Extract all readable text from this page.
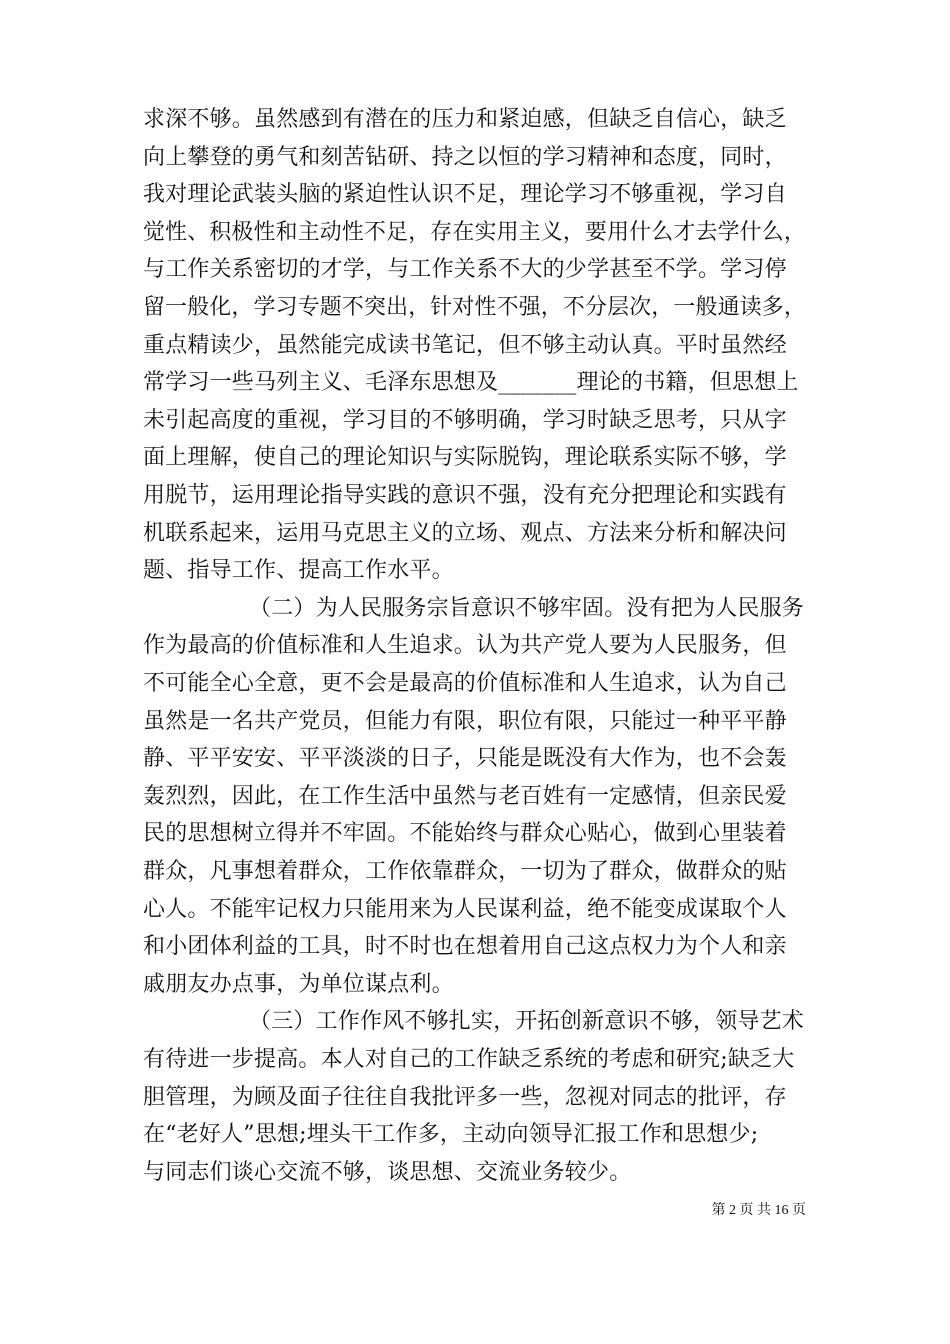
求深不够。虽然感到有潜在的压力和紧迫感，但缺乏自信心，缺乏
向上攀登的勇气和刻苦钻研、持之以恒的学习精神和态度，同时，
我对理论武装头脑的紧迫性认识不足，理论学习不够重视，学习自
觉性、积极性和主动性不足，存在实用主义，要用什么才去学什么，
与工作关系密切的才学，与工作关系不大的少学甚至不学。学习停
留一般化，学习专题不突出，针对性不强，不分层次，一般通读多，
重点精读少，虽然能完成读书笔记，但不够主动认真。平时虽然经
常学习一些马列主义、毛泽东思想及_______理论的书籍，但思想上
未引起高度的重视，学习目的不够明确，学习时缺乏思考，只从字
面上理解，使自己的理论知识与实际脱钩，理论联系实际不够，学
用脱节，运用理论指导实践的意识不强，没有充分把理论和实践有
机联系起来，运用马克思主义的立场、观点、方法来分析和解决问
题、指导工作、提高工作水平。
（二）为人民服务宗旨意识不够牢固。没有把为人民服务
作为最高的价值标准和人生追求。认为共产党人要为人民服务，但
不可能全心全意，更不会是最高的价值标准和人生追求，认为自己
虽然是一名共产党员，但能力有限，职位有限，只能过一种平平静
静、平平安安、平平淡淡的日子，只能是既没有大作为，也不会轰
轰烈烈，因此，在工作生活中虽然与老百姓有一定感情，但亲民爱
民的思想树立得并不牢固。不能始终与群众心贴心，做到心里装着
群众，凡事想着群众，工作依靠群众，一切为了群众，做群众的贴
心人。不能牢记权力只能用来为人民谋利益，绝不能变成谋取个人
和小团体利益的工具，时不时也在想着用自己这点权力为个人和亲
戚朋友办点事，为单位谋点利。
（三）工作作风不够扎实，开拓创新意识不够，领导艺术
有待进一步提高。本人对自己的工作缺乏系统的考虑和研究;缺乏大
胆管理，为顾及面子往往自我批评多一些，忽视对同志的批评，存
在“老好人”思想;埋头干工作多，主动向领导汇报工作和思想少;
与同志们谈心交流不够，谈思想、交流业务较少。
第 2 页 共 16 页
